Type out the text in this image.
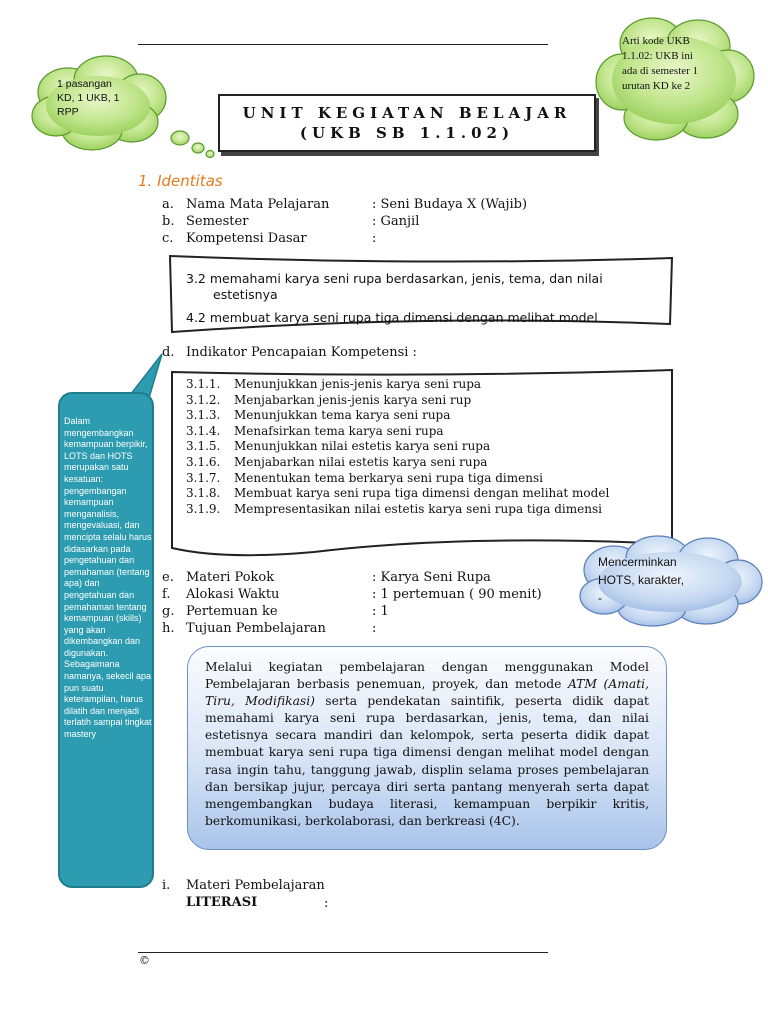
1 pasangan
KD, 1 UKB, 1
RPP
Arti kode UKB
1.1.02: UKB ini
ada di semester 1
urutan KD ke 2
UNIT KEGIATAN BELAJAR
(UKB SB 1.1.02)
1. Identitas
a. Nama Mata Pelajaran	: Seni Budaya X (Wajib)
b. Semester	: Ganjil
c. Kompetensi Dasar	:
3.2 memahami karya seni rupa berdasarkan, jenis, tema, dan nilai
estetisnya
4.2 membuat karya seni rupa tiga dimensi dengan melihat model
d. Indikator Pencapaian Kompetensi :
3.1.1. Menunjukkan jenis-jenis karya seni rupa
3.1.2. Menjabarkan jenis-jenis karya seni rup
3.1.3. Menunjukkan tema karya seni rupa
3.1.4. Menafsirkan tema karya seni rupa
3.1.5. Menunjukkan nilai estetis karya seni rupa
3.1.6. Menjabarkan nilai estetis karya seni rupa
3.1.7. Menentukan tema berkarya seni rupa tiga dimensi
3.1.8. Membuat karya seni rupa tiga dimensi dengan melihat model
3.1.9. Mempresentasikan nilai estetis karya seni rupa tiga dimensi
Dalam mengembangkan kemampuan berpikir, LOTS dan HOTS merupakan satu kesatuan: pengembangan kemampuan menganalisis, mengevaluasi, dan mencipta selalu harus didasarkan pada pengetahuan dan pemahaman (tentang apa) dan pengetahuan dan pemahaman tentang kemampuan (skills) yang akan dikembangkan dan digunakan. Sebagaimana namanya, sekecil apa pun suatu keterampilan, harus dilatih dan menjadi terlatih sampai tingkat mastery
Mencerminkan
HOTS, karakter,
-
e. Materi Pokok	: Karya Seni Rupa
f. Alokasi Waktu	: 1 pertemuan ( 90 menit)
g. Pertemuan ke	: 1
h. Tujuan Pembelajaran	:

Melalui kegiatan pembelajaran dengan menggunakan Model Pembelajaran berbasis penemuan, proyek, dan metode ATM (Amati, Tiru, Modifikasi) serta pendekatan saintifik, peserta didik dapat memahami karya seni rupa berdasarkan, jenis, tema, dan nilai estetisnya secara mandiri dan kelompok, serta peserta didik dapat membuat karya seni rupa tiga dimensi dengan melihat model dengan rasa ingin tahu, tanggung jawab, displin selama proses pembelajaran dan bersikap jujur, percaya diri serta pantang menyerah serta dapat mengembangkan budaya literasi, kemampuan berpikir kritis, berkomunikasi, berkolaborasi, dan berkreasi (4C).

i. Materi Pembelajaran
LITERASI	:
©
